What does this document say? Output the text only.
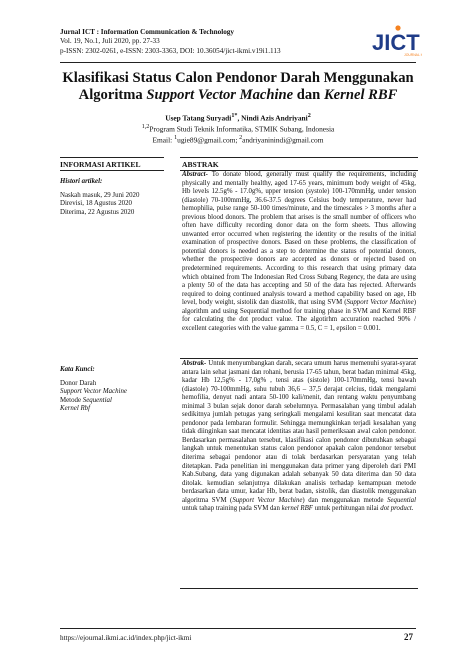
Jurnal ICT : Information Communication & Technology
Vol. 19, No.1, Juli 2020, pp. 27-33
p-ISSN: 2302-0261, e-ISSN: 2303-3363, DOI: 10.36054/jict-ikmi.v19i1.113	JICT
JOURNAL
Klasifikasi Status Calon Pendonor Darah Menggunakan
Algoritma Support Vector Machine dan Kernel RBF
Usep Tatang Suryadi$^{1*}$, Nindi Azis Andriyani$^2$
$^{1,2}$Program Studi Teknik Informatika, STMIK Subang, Indonesia
Email: $^1$ugie89@gmail.com; $^2$andriyaninindi@gmail.com
INFORMASI ARTIKEL	ABSTRAK
Histori artikel:
Naskah masuk, 29 Juni 2020
Direvisi, 18 Agustus 2020
Diterima, 22 Agustus 2020
Kata Kunci:
Donor Darah
Support Vector Machine
Metode Sequential
Kernel Rbf
Abstract- To donate blood, generally must qualify the requirements, including physically and mentally healthy, aged 17-65 years, minimum body weight of 45kg, Hb levels 12.5g% - 17.0g%, upper tension (systole) 100-170mmHg, under tension (diastole) 70-100mmHg, 36.6-37.5 degrees Celsius body temperature, never had hemophilia, pulse range 50-100 times/minute, and the timescales > 3 months after a previous blood donors. The problem that arises is the small number of officers who often have difficulty recording donor data on the form sheets. Thus allowing unwanted error occurred when registering the identity or the results of the initial examination of prospective donors. Based on these problems, the classification of potential donors is needed as a step to determine the status of potential donors, whether the prospective donors are accepted as donors or rejected based on predetermined requirements. According to this research that using primary data which obtained from The Indonesian Red Cross Subang Regency, the data are using a plenty 50 of the data has accepting and 50 of the data has rejected. Afterwards required to doing continued analysis toward a method capability based on age, Hb level, body weight, sistolik dan diastolik, that using SVM (Support Vector Machine) algorithm and using Sequential method for training phase in SVM and Kernel RBF for calculating the dot product value. The algotirhm accuration reached 90% / excellent categories with the value gamma = 0.5, C = 1, epsilon = 0.001.
Abstrak- Untuk menyumbangkan darah, secara umum harus memenuhi syarat-syarat antara lain sehat jasmani dan rohani, berusia 17-65 tahun, berat badan minimal 45kg, kadar Hb 12,5g% - 17,0g% , tensi atas (sistole) 100-170mmHg, tensi bawah (diastole) 70-100mmHg, suhu tubuh 36,6 – 37,5 derajat celcius, tidak mengalami hemofilia, denyut nadi antara 50-100 kali/menit, dan rentang waktu penyumbang minimal 3 bulan sejak donor darah sebelumnya. Permasalahan yang timbul adalah sedikitnya jumlah petugas yang seringkali mengalami kesulitan saat mencatat data pendonor pada lembaran formulir. Sehingga memungkinkan terjadi kesalahan yang tidak diinginkan saat mencatat identitas atau hasil pemeriksaan awal calon pendonor. Berdasarkan permasalahan tersebut, klasifikasi calon pendonor dibutuhkan sebagai langkah untuk menentukan status calon pendonor apakah calon pendonor tersebut diterima sebagai pendonor atau di tolak berdasarkan persyaratan yang telah ditetapkan. Pada penelitian ini menggunakan data primer yang diperoleh dari PMI Kab.Subang, data yang digunakan adalah sebanyak 50 data diterima dan 50 data ditolak. kemudian selanjutnya dilakukan analisis terhadap kemampuan metode berdasarkan data umur, kadar Hb, berat badan, sistolik, dan diastolik menggunakan algoritma SVM (Support Vector Machine) dan menggunakan metode Sequential untuk tahap training pada SVM dan kernel RBF untuk perhitungan nilai dot product.
https://ejournal.ikmi.ac.id/index.php/jict-ikmi	27
